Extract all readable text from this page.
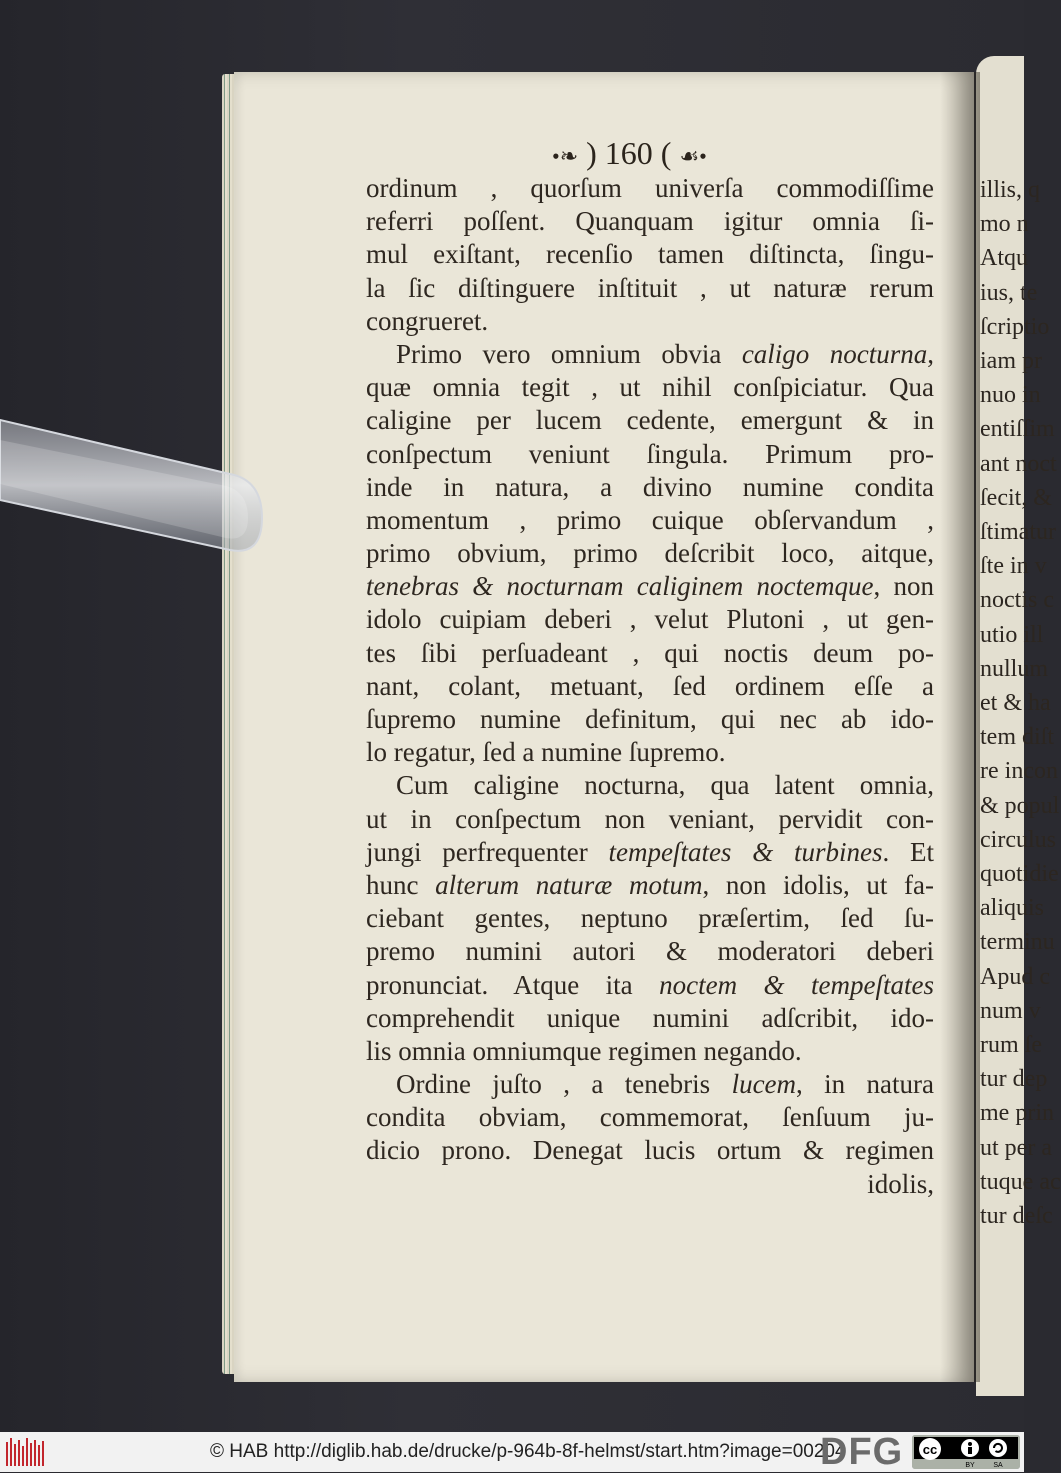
illis, q
mo n
Atqu
ius, te
ſcriptio
iam pr
nuo in
entiſſim
ant noct
ſecit, &
ſtimatur
ſte in v
noctis c
utio ill
nullum
et & ha
tem diſt
re incon
& popul
circulus
quotidie
aliquis
terminu
Apud c
num v
rum ſe
tur dep
me prin
ut per a
tuque ac
tur deſc
•❧ ) 160 ( ☙•
ordinum , quorſum univerſa commodiſſime
referri poſſent. Quanquam igitur omnia ſi-
mul exiſtant, recenſio tamen diſtincta, ſingu-
la ſic diſtinguere inſtituit , ut naturæ rerum
congrueret.
Primo vero omnium obvia caligo nocturna,
quæ omnia tegit , ut nihil conſpiciatur. Qua
caligine per lucem cedente, emergunt & in
conſpectum veniunt ſingula. Primum pro-
inde in natura, a divino numine condita
momentum , primo cuique obſervandum ,
primo obvium, primo deſcribit loco, aitque,
tenebras & nocturnam caliginem noctemque, non
idolo cuipiam deberi , velut Plutoni , ut gen-
tes ſibi perſuadeant , qui noctis deum po-
nant, colant, metuant, ſed ordinem eſſe a
ſupremo numine definitum, qui nec ab ido-
lo regatur, ſed a numine ſupremo.
Cum caligine nocturna, qua latent omnia,
ut in conſpectum non veniant, pervidit con-
jungi perfrequenter tempeſtates & turbines. Et
hunc alterum naturæ motum, non idolis, ut fa-
ciebant gentes, neptuno præſertim, ſed ſu-
premo numini autori & moderatori deberi
pronunciat. Atque ita noctem & tempeſtates
comprehendit unique numini adſcribit, ido-
lis omnia omniumque regimen negando.
Ordine juſto , a tenebris lucem, in natura
condita obviam, commemorat, ſenſuum ju-
dicio prono. Denegat lucis ortum & regimen
idolis,
© HAB http://diglib.hab.de/drucke/p-964b-8f-helmst/start.htm?image=00204
DFG cc
BY	SA
